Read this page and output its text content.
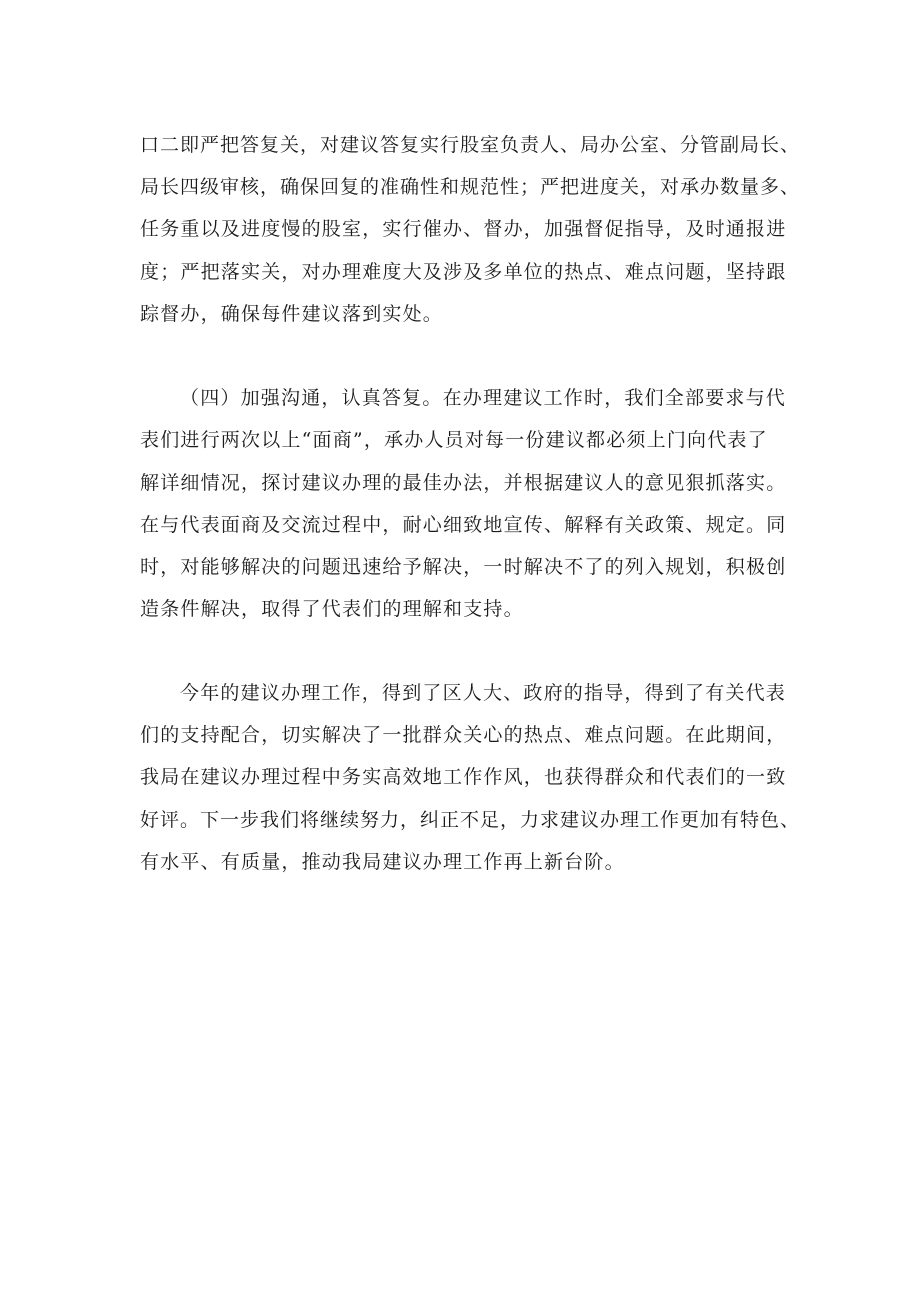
口二即严把答复关，对建议答复实行股室负责人、局办公室、分管副局长、
局长四级审核，确保回复的准确性和规范性；严把进度关，对承办数量多、
任务重以及进度慢的股室，实行催办、督办，加强督促指导，及时通报进
度；严把落实关，对办理难度大及涉及多单位的热点、难点问题，坚持跟
踪督办，确保每件建议落到实处。
（四）加强沟通，认真答复。在办理建议工作时，我们全部要求与代
表们进行两次以上“面商”，承办人员对每一份建议都必须上门向代表了
解详细情况，探讨建议办理的最佳办法，并根据建议人的意见狠抓落实。
在与代表面商及交流过程中，耐心细致地宣传、解释有关政策、规定。同
时，对能够解决的问题迅速给予解决，一时解决不了的列入规划，积极创
造条件解决，取得了代表们的理解和支持。
今年的建议办理工作，得到了区人大、政府的指导，得到了有关代表
们的支持配合，切实解决了一批群众关心的热点、难点问题。在此期间，
我局在建议办理过程中务实高效地工作作风，也获得群众和代表们的一致
好评。下一步我们将继续努力，纠正不足，力求建议办理工作更加有特色、
有水平、有质量，推动我局建议办理工作再上新台阶。
